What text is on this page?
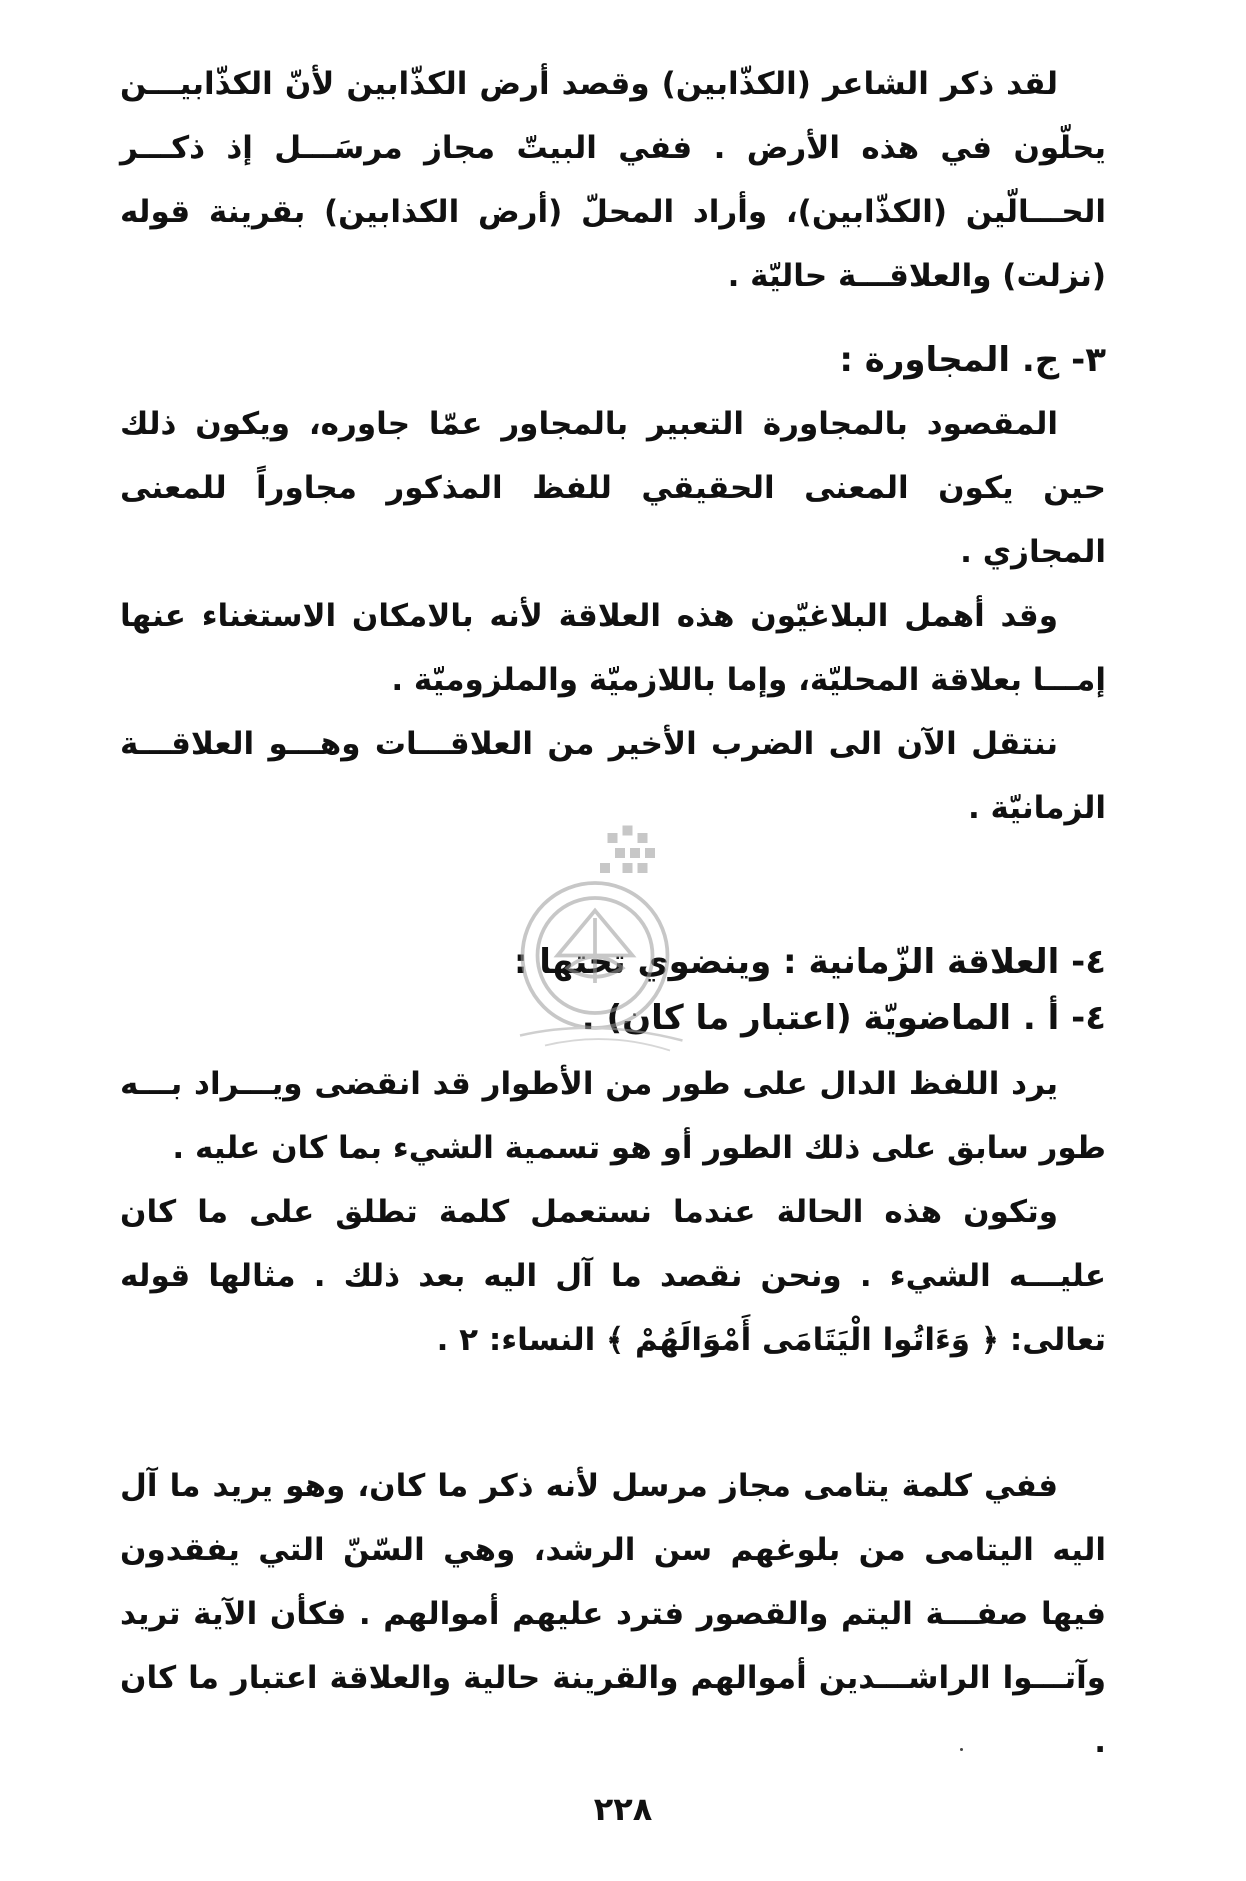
لقد ذكر الشاعر (الكذّابين) وقصد أرض الكذّابين لأنّ الكذّابيـــن يحلّون في هذه الأرض . ففي البيتّ مجاز مرسَـــل إذ ذكـــر الحـــالّين (الكذّابين)، وأراد المحلّ (أرض الكذابين) بقرينة قوله (نزلت) والعلاقـــة حاليّة .

٣- ج. المجاورة :

المقصود بالمجاورة التعبير بالمجاور عمّا جاوره، ويكون ذلك حين يكون المعنى الحقيقي للفظ المذكور مجاوراً للمعنى المجازي .

وقد أهمل البلاغيّون هذه العلاقة لأنه بالامكان الاستغناء عنها إمـــا بعلاقة المحليّة، وإما باللازميّة والملزوميّة .

ننتقل الآن الى الضرب الأخير من العلاقـــات وهـــو العلاقـــة الزمانيّة .

٤- العلاقة الزّمانية : وينضوي تحتها :

٤- أ . الماضويّة (اعتبار ما كان) .

يرد اللفظ الدال على طور من الأطوار قد انقضى ويـــراد بـــه طور سابق على ذلك الطور أو هو تسمية الشيء بما كان عليه .

وتكون هذه الحالة عندما نستعمل كلمة تطلق على ما كان عليـــه الشيء . ونحن نقصد ما آل اليه بعد ذلك . مثالها قوله تعالى: ﴿ وَءَاتُوا الْيَتَامَى أَمْوَالَهُمْ ﴾ النساء: ٢ .

ففي كلمة يتامى مجاز مرسل لأنه ذكر ما كان، وهو يريد ما آل اليه اليتامى من بلوغهم سن الرشد، وهي السّنّ التي يفقدون فيها صفـــة اليتم والقصور فترد عليهم أموالهم . فكأن الآية تريد وآتـــوا الراشـــدين أموالهم والقرينة حالية والعلاقة اعتبار ما كان .

٢٢٨
